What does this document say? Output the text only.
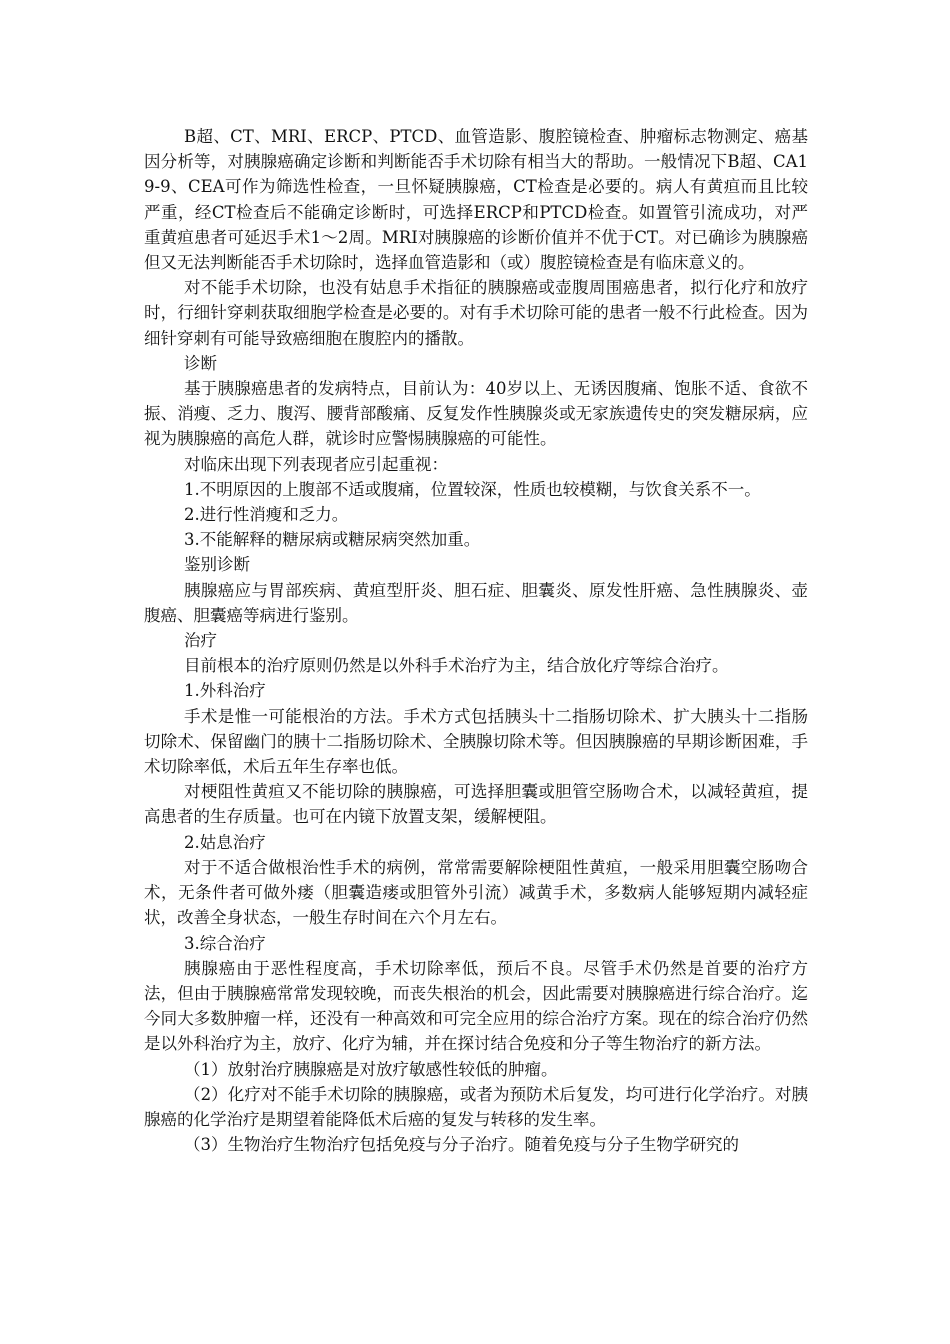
B超、CT、MRI、ERCP、PTCD、血管造影、腹腔镜检查、肿瘤标志物测定、癌基因分析等，对胰腺癌确定诊断和判断能否手术切除有相当大的帮助。一般情况下B超、CA19-9、CEA可作为筛选性检查，一旦怀疑胰腺癌，CT检查是必要的。病人有黄疸而且比较严重，经CT检查后不能确定诊断时，可选择ERCP和PTCD检查。如置管引流成功，对严重黄疸患者可延迟手术1～2周。MRI对胰腺癌的诊断价值并不优于CT。对已确诊为胰腺癌但又无法判断能否手术切除时，选择血管造影和（或）腹腔镜检查是有临床意义的。

对不能手术切除，也没有姑息手术指征的胰腺癌或壶腹周围癌患者，拟行化疗和放疗时，行细针穿刺获取细胞学检查是必要的。对有手术切除可能的患者一般不行此检查。因为细针穿刺有可能导致癌细胞在腹腔内的播散。

诊断

基于胰腺癌患者的发病特点，目前认为：40岁以上、无诱因腹痛、饱胀不适、食欲不振、消瘦、乏力、腹泻、腰背部酸痛、反复发作性胰腺炎或无家族遗传史的突发糖尿病，应视为胰腺癌的高危人群，就诊时应警惕胰腺癌的可能性。

对临床出现下列表现者应引起重视：

1.不明原因的上腹部不适或腹痛，位置较深，性质也较模糊，与饮食关系不一。

2.进行性消瘦和乏力。

3.不能解释的糖尿病或糖尿病突然加重。

鉴别诊断

胰腺癌应与胃部疾病、黄疸型肝炎、胆石症、胆囊炎、原发性肝癌、急性胰腺炎、壶腹癌、胆囊癌等病进行鉴别。

治疗

目前根本的治疗原则仍然是以外科手术治疗为主，结合放化疗等综合治疗。

1.外科治疗

手术是惟一可能根治的方法。手术方式包括胰头十二指肠切除术、扩大胰头十二指肠切除术、保留幽门的胰十二指肠切除术、全胰腺切除术等。但因胰腺癌的早期诊断困难，手术切除率低，术后五年生存率也低。

对梗阻性黄疸又不能切除的胰腺癌，可选择胆囊或胆管空肠吻合术，以减轻黄疸，提高患者的生存质量。也可在内镜下放置支架，缓解梗阻。

2.姑息治疗

对于不适合做根治性手术的病例，常常需要解除梗阻性黄疸，一般采用胆囊空肠吻合术，无条件者可做外瘘（胆囊造瘘或胆管外引流）减黄手术，多数病人能够短期内减轻症状，改善全身状态，一般生存时间在六个月左右。

3.综合治疗

胰腺癌由于恶性程度高，手术切除率低，预后不良。尽管手术仍然是首要的治疗方法，但由于胰腺癌常常发现较晚，而丧失根治的机会，因此需要对胰腺癌进行综合治疗。迄今同大多数肿瘤一样，还没有一种高效和可完全应用的综合治疗方案。现在的综合治疗仍然是以外科治疗为主，放疗、化疗为辅，并在探讨结合免疫和分子等生物治疗的新方法。

（1）放射治疗胰腺癌是对放疗敏感性较低的肿瘤。

（2）化疗对不能手术切除的胰腺癌，或者为预防术后复发，均可进行化学治疗。对胰腺癌的化学治疗是期望着能降低术后癌的复发与转移的发生率。

（3）生物治疗生物治疗包括免疫与分子治疗。随着免疫与分子生物学研究的
